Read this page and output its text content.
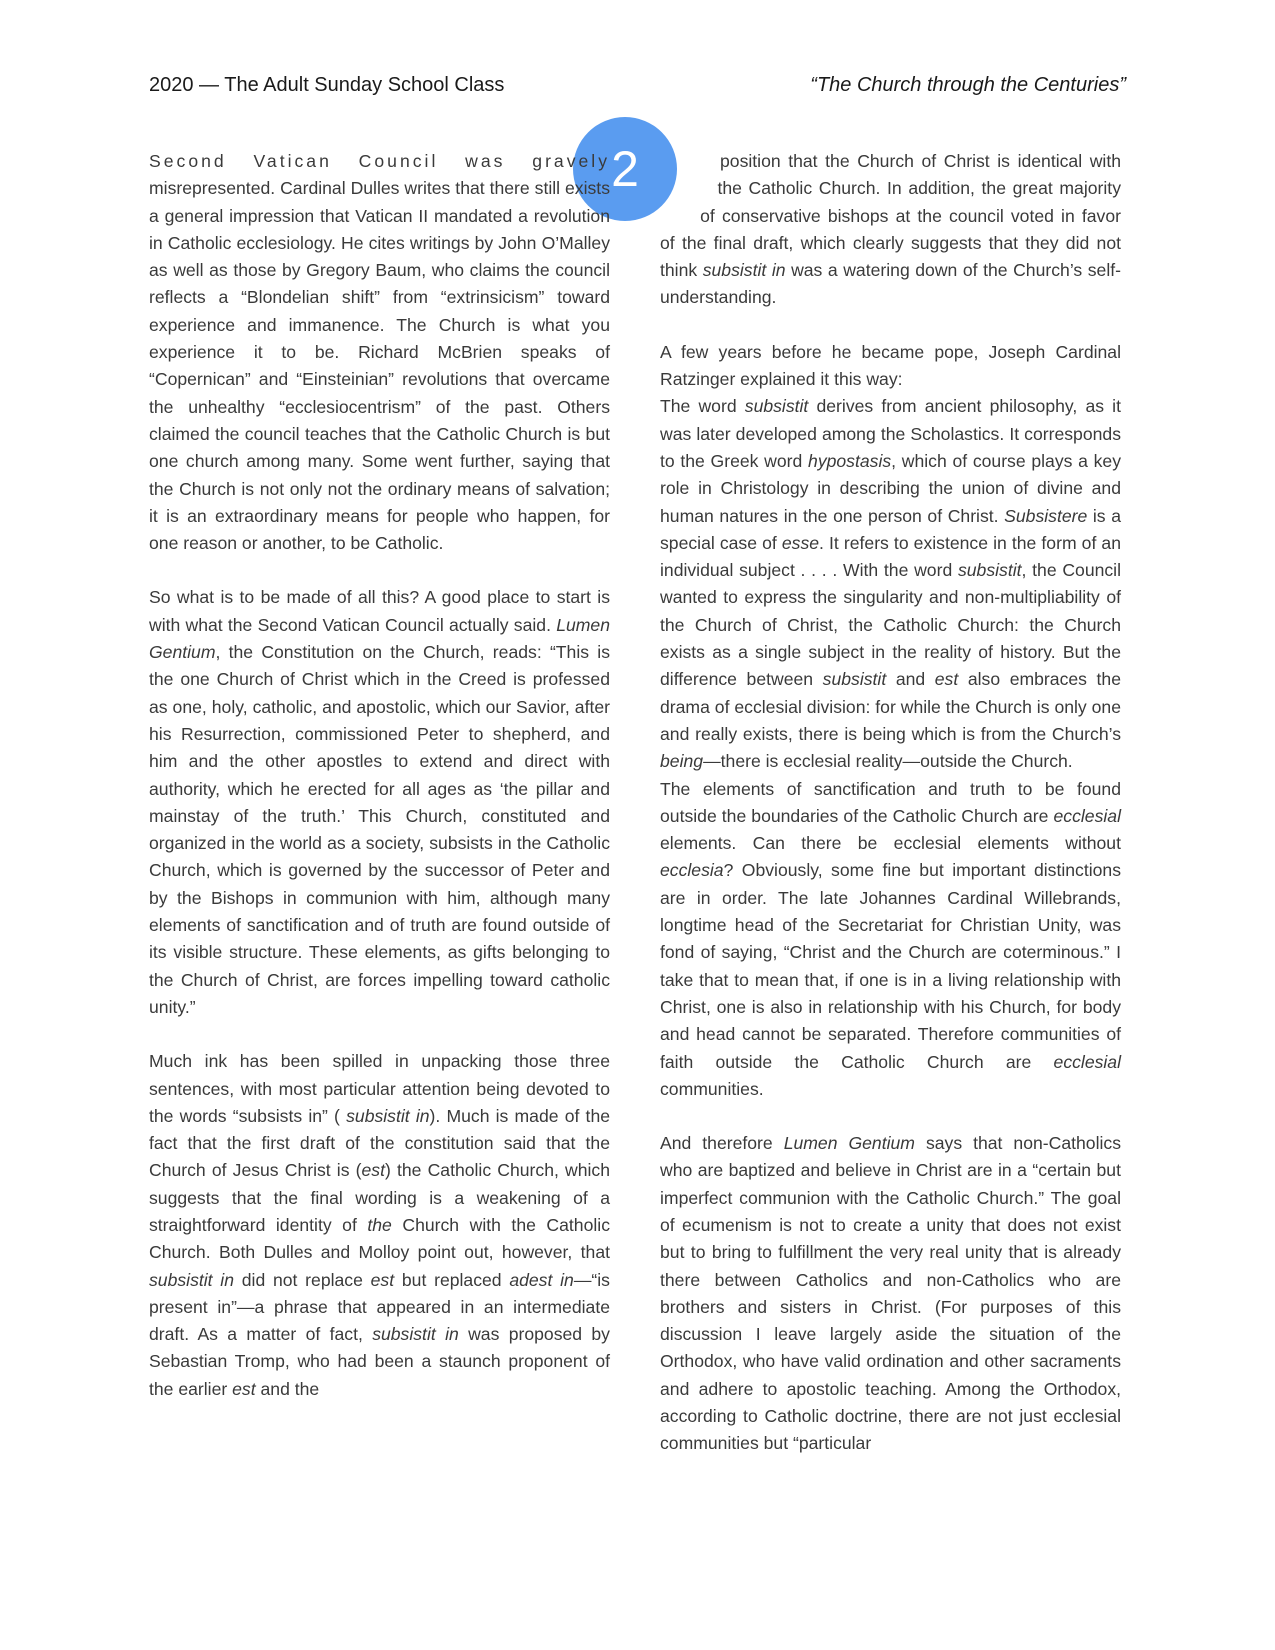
2020 — The Adult Sunday School Class	“The Church through the Centuries”
2

Second Vatican Council was gravely misrepresented. Cardinal Dulles writes that there still exists a general impression that Vatican II mandated a revolution in Catholic ecclesiology. He cites writings by John O’Malley as well as those by Gregory Baum, who claims the council reflects a “Blondelian shift” from “extrinsicism” toward experience and immanence. The Church is what you experience it to be. Richard McBrien speaks of “Copernican” and “Einsteinian” revolutions that overcame the unhealthy “ecclesiocentrism” of the past. Others claimed the council teaches that the Catholic Church is but one church among many. Some went further, saying that the Church is not only not the ordinary means of salvation; it is an extraordinary means for people who happen, for one reason or another, to be Catholic.

So what is to be made of all this? A good place to start is with what the Second Vatican Council actually said. Lumen Gentium, the Constitution on the Church, reads: “This is the one Church of Christ which in the Creed is professed as one, holy, catholic, and apostolic, which our Savior, after his Resurrection, commissioned Peter to shepherd, and him and the other apostles to extend and direct with authority, which he erected for all ages as ‘the pillar and mainstay of the truth.’ This Church, constituted and organized in the world as a society, subsists in the Catholic Church, which is governed by the successor of Peter and by the Bishops in communion with him, although many elements of sanctification and of truth are found outside of its visible structure. These elements, as gifts belonging to the Church of Christ, are forces impelling toward catholic unity.”

Much ink has been spilled in unpacking those three sentences, with most particular attention being devoted to the words “subsists in” ( subsistit in). Much is made of the fact that the first draft of the constitution said that the Church of Jesus Christ is (est) the Catholic Church, which suggests that the final wording is a weakening of a straightforward identity of the Church with the Catholic Church. Both Dulles and Molloy point out, however, that subsistit in did not replace est but replaced adest in—“is present in”—a phrase that appeared in an intermediate draft. As a matter of fact, subsistit in was proposed by Sebastian Tromp, who had been a staunch proponent of the earlier est and the

position that the Church of Christ is identical with the Catholic Church. In addition, the great majority of conservative bishops at the council voted in favor of the final draft, which clearly suggests that they did not think subsistit in was a watering down of the Church’s self-understanding.

A few years before he became pope, Joseph Cardinal Ratzinger explained it this way:

The word subsistit derives from ancient philosophy, as it was later developed among the Scholastics. It corresponds to the Greek word hypostasis, which of course plays a key role in Christology in describing the union of divine and human natures in the one person of Christ. Subsistere is a special case of esse. It refers to existence in the form of an individual subject . . . . With the word subsistit, the Council wanted to express the singularity and non-multipliability of the Church of Christ, the Catholic Church: the Church exists as a single subject in the reality of history. But the difference between subsistit and est also embraces the drama of ecclesial division: for while the Church is only one and really exists, there is being which is from the Church’s being—there is ecclesial reality—outside the Church.

The elements of sanctification and truth to be found outside the boundaries of the Catholic Church are ecclesial elements. Can there be ecclesial elements without ecclesia? Obviously, some fine but important distinctions are in order. The late Johannes Cardinal Willebrands, longtime head of the Secretariat for Christian Unity, was fond of saying, “Christ and the Church are coterminous.” I take that to mean that, if one is in a living relationship with Christ, one is also in relationship with his Church, for body and head cannot be separated. Therefore communities of faith outside the Catholic Church are ecclesial communities.

And therefore Lumen Gentium says that non-Catholics who are baptized and believe in Christ are in a “certain but imperfect communion with the Catholic Church.” The goal of ecumenism is not to create a unity that does not exist but to bring to fulfillment the very real unity that is already there between Catholics and non-Catholics who are brothers and sisters in Christ. (For purposes of this discussion I leave largely aside the situation of the Orthodox, who have valid ordination and other sacraments and adhere to apostolic teaching. Among the Orthodox, according to Catholic doctrine, there are not just ecclesial communities but “particular
